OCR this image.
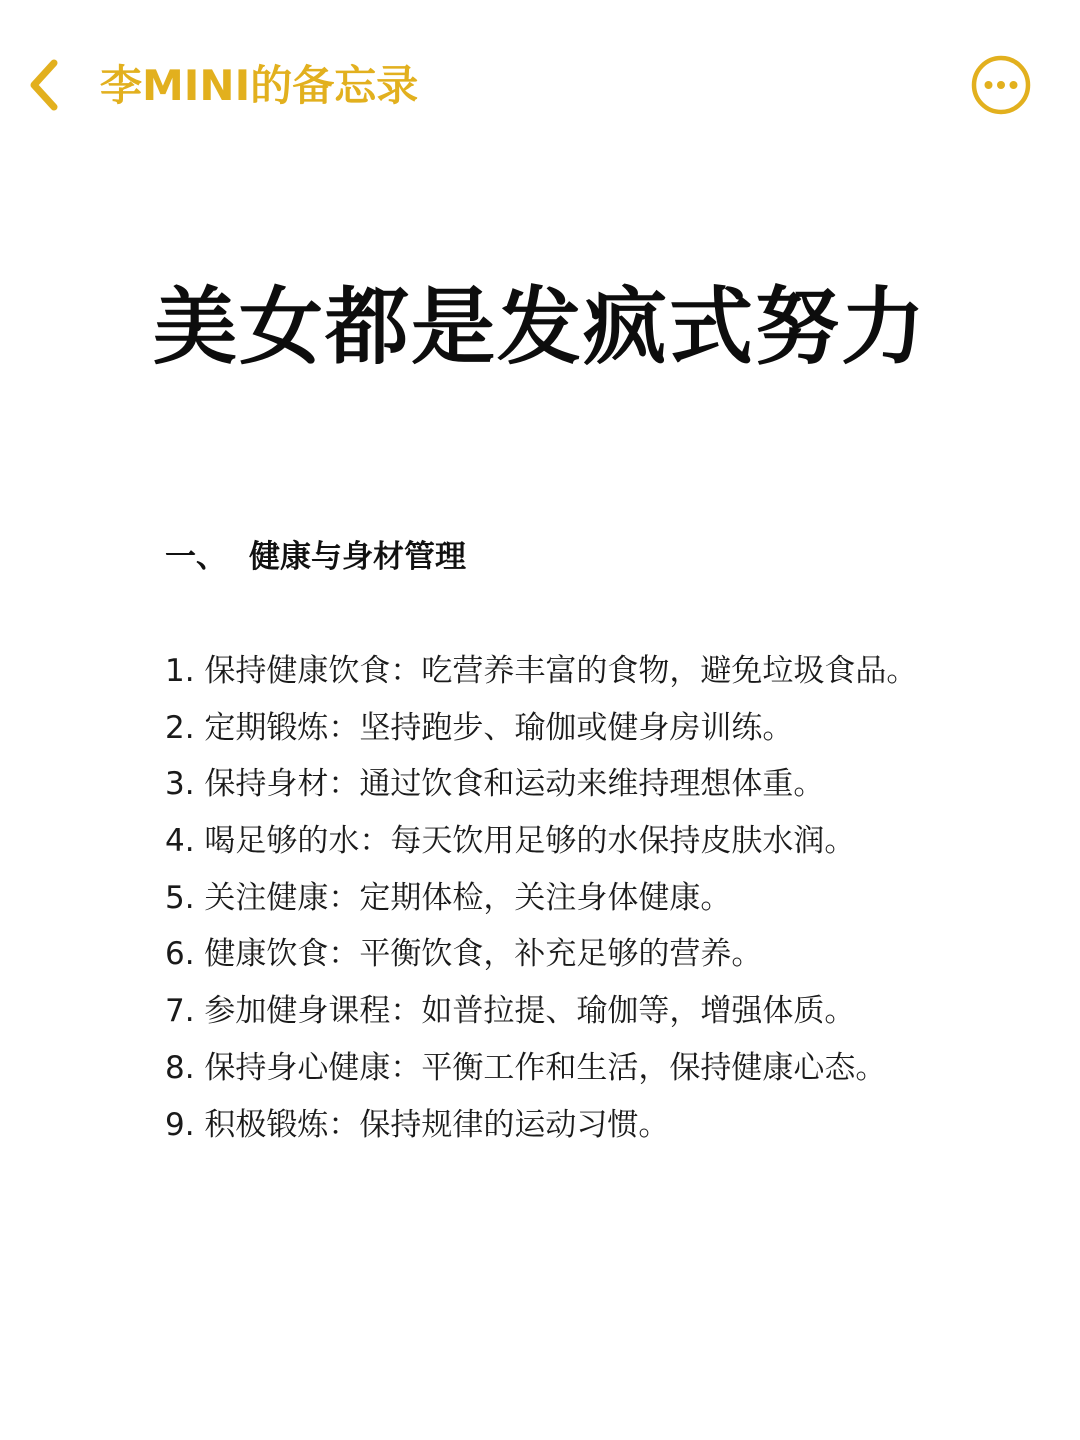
李MINI的备忘录
美女都是发疯式努力
一、 健康与身材管理
1. 保持健康饮食：吃营养丰富的食物，避免垃圾食品。
2. 定期锻炼：坚持跑步、瑜伽或健身房训练。
3. 保持身材：通过饮食和运动来维持理想体重。
4. 喝足够的水：每天饮用足够的水保持皮肤水润。
5. 关注健康：定期体检，关注身体健康。
6. 健康饮食：平衡饮食，补充足够的营养。
7. 参加健身课程：如普拉提、瑜伽等，增强体质。
8. 保持身心健康：平衡工作和生活，保持健康心态。
9. 积极锻炼：保持规律的运动习惯。
